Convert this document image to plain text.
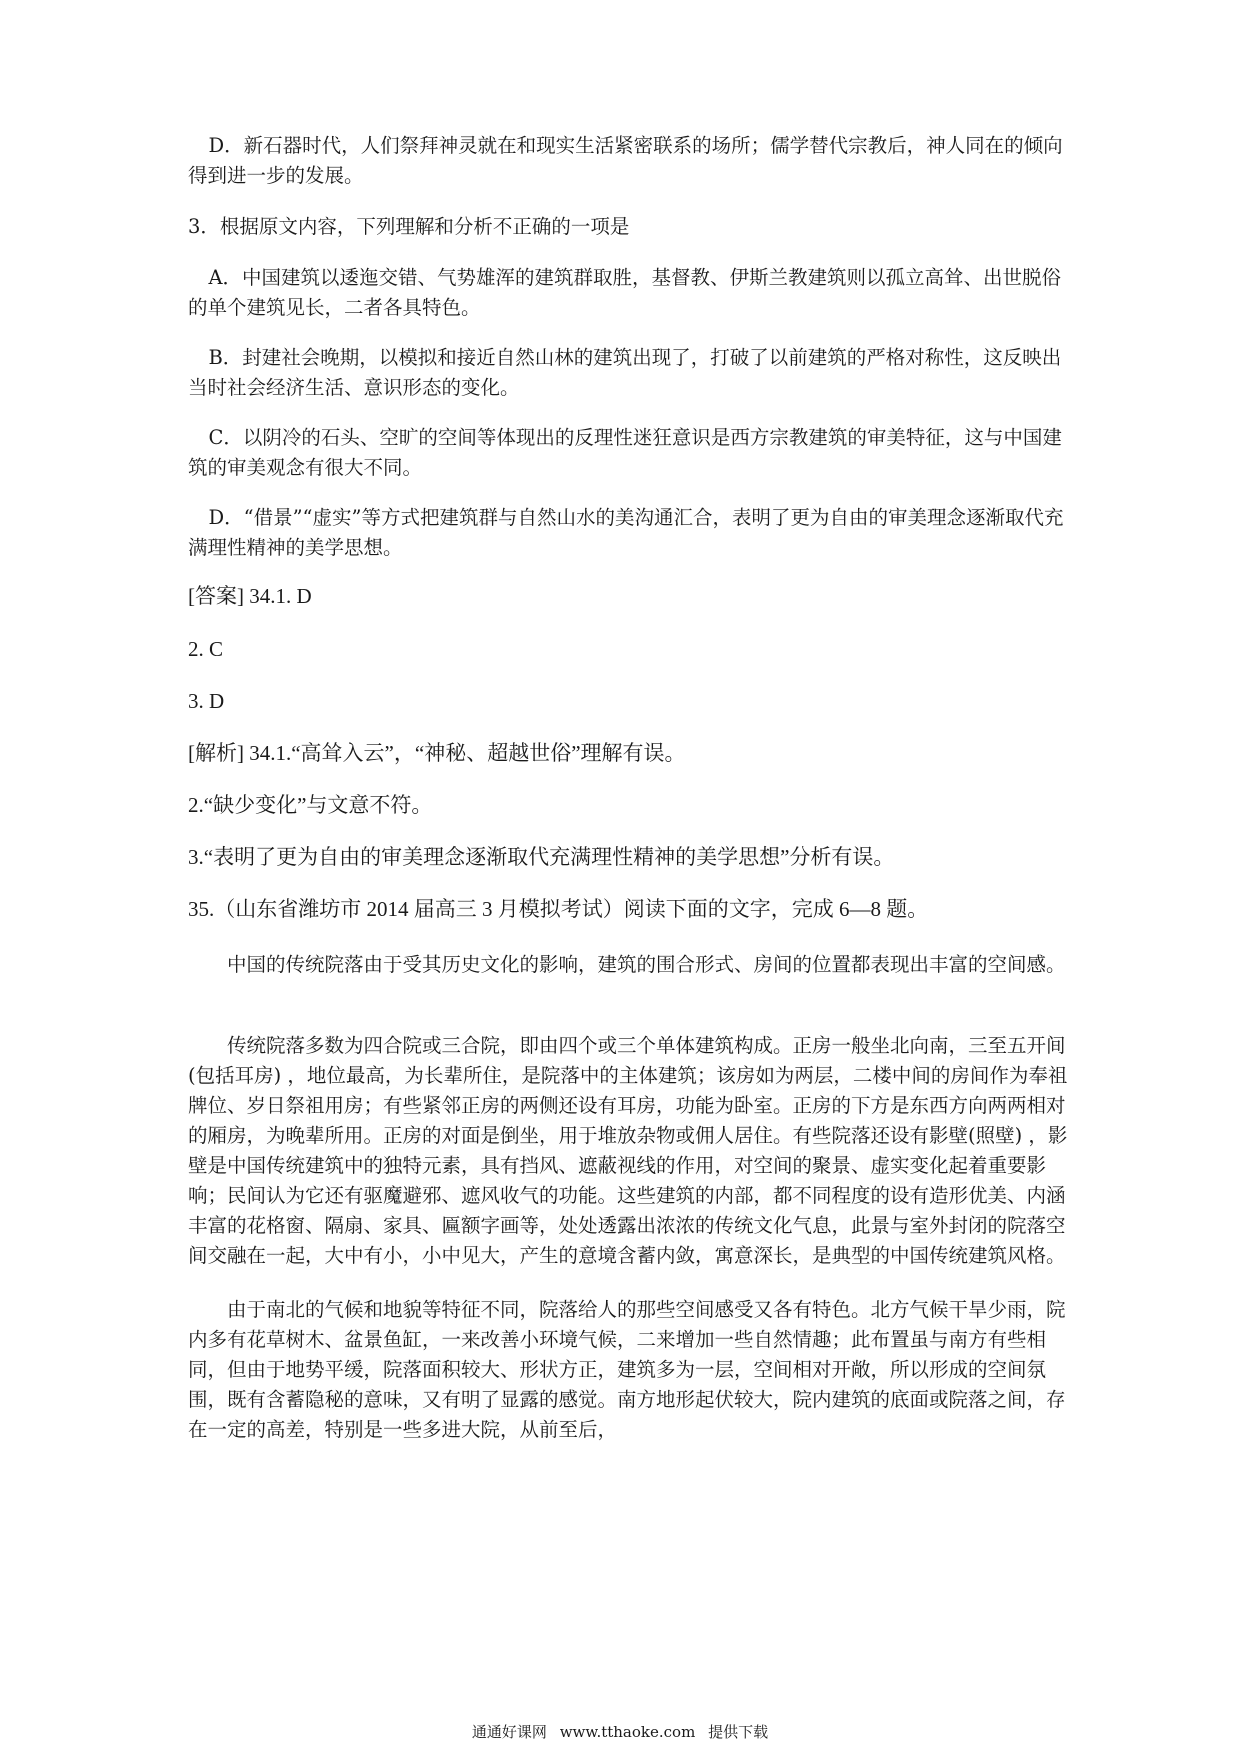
D．新石器时代，人们祭拜神灵就在和现实生活紧密联系的场所；儒学替代宗教后，神人同在的倾向得到进一步的发展。

3．根据原文内容，下列理解和分析不正确的一项是

A．中国建筑以逶迤交错、气势雄浑的建筑群取胜，基督教、伊斯兰教建筑则以孤立高耸、出世脱俗的单个建筑见长，二者各具特色。

B．封建社会晚期，以模拟和接近自然山林的建筑出现了，打破了以前建筑的严格对称性，这反映出当时社会经济生活、意识形态的变化。

C．以阴冷的石头、空旷的空间等体现出的反理性迷狂意识是西方宗教建筑的审美特征，这与中国建筑的审美观念有很大不同。

D．“借景”“虚实”等方式把建筑群与自然山水的美沟通汇合，表明了更为自由的审美理念逐渐取代充满理性精神的美学思想。

[答案] 34.1. D

2. C

3. D

[解析] 34.1.“高耸入云”，“神秘、超越世俗”理解有误。

2.“缺少变化”与文意不符。

3.“表明了更为自由的审美理念逐渐取代充满理性精神的美学思想”分析有误。

35.（山东省潍坊市 2014 届高三 3 月模拟考试）阅读下面的文字，完成 6—8 题。

中国的传统院落由于受其历史文化的影响，建筑的围合形式、房间的位置都表现出丰富的空间感。

传统院落多数为四合院或三合院，即由四个或三个单体建筑构成。正房一般坐北向南，三至五开间(包括耳房) ，地位最高，为长辈所住，是院落中的主体建筑；该房如为两层，二楼中间的房间作为奉祖牌位、岁日祭祖用房；有些紧邻正房的两侧还设有耳房，功能为卧室。正房的下方是东西方向两两相对的厢房，为晚辈所用。正房的对面是倒坐，用于堆放杂物或佣人居住。有些院落还设有影壁(照壁) ，影壁是中国传统建筑中的独特元素，具有挡风、遮蔽视线的作用，对空间的聚景、虚实变化起着重要影响；民间认为它还有驱魔避邪、遮风收气的功能。这些建筑的内部，都不同程度的设有造形优美、内涵丰富的花格窗、隔扇、家具、匾额字画等，处处透露出浓浓的传统文化气息，此景与室外封闭的院落空间交融在一起，大中有小，小中见大，产生的意境含蓄内敛，寓意深长，是典型的中国传统建筑风格。

由于南北的气候和地貌等特征不同，院落给人的那些空间感受又各有特色。北方气候干旱少雨，院内多有花草树木、盆景鱼缸，一来改善小环境气候，二来增加一些自然情趣；此布置虽与南方有些相同，但由于地势平缓，院落面积较大、形状方正，建筑多为一层，空间相对开敞，所以形成的空间氛围，既有含蓄隐秘的意味，又有明了显露的感觉。南方地形起伏较大，院内建筑的底面或院落之间，存在一定的高差，特别是一些多进大院，从前至后，

通通好课网 www.tthaoke.com 提供下载
